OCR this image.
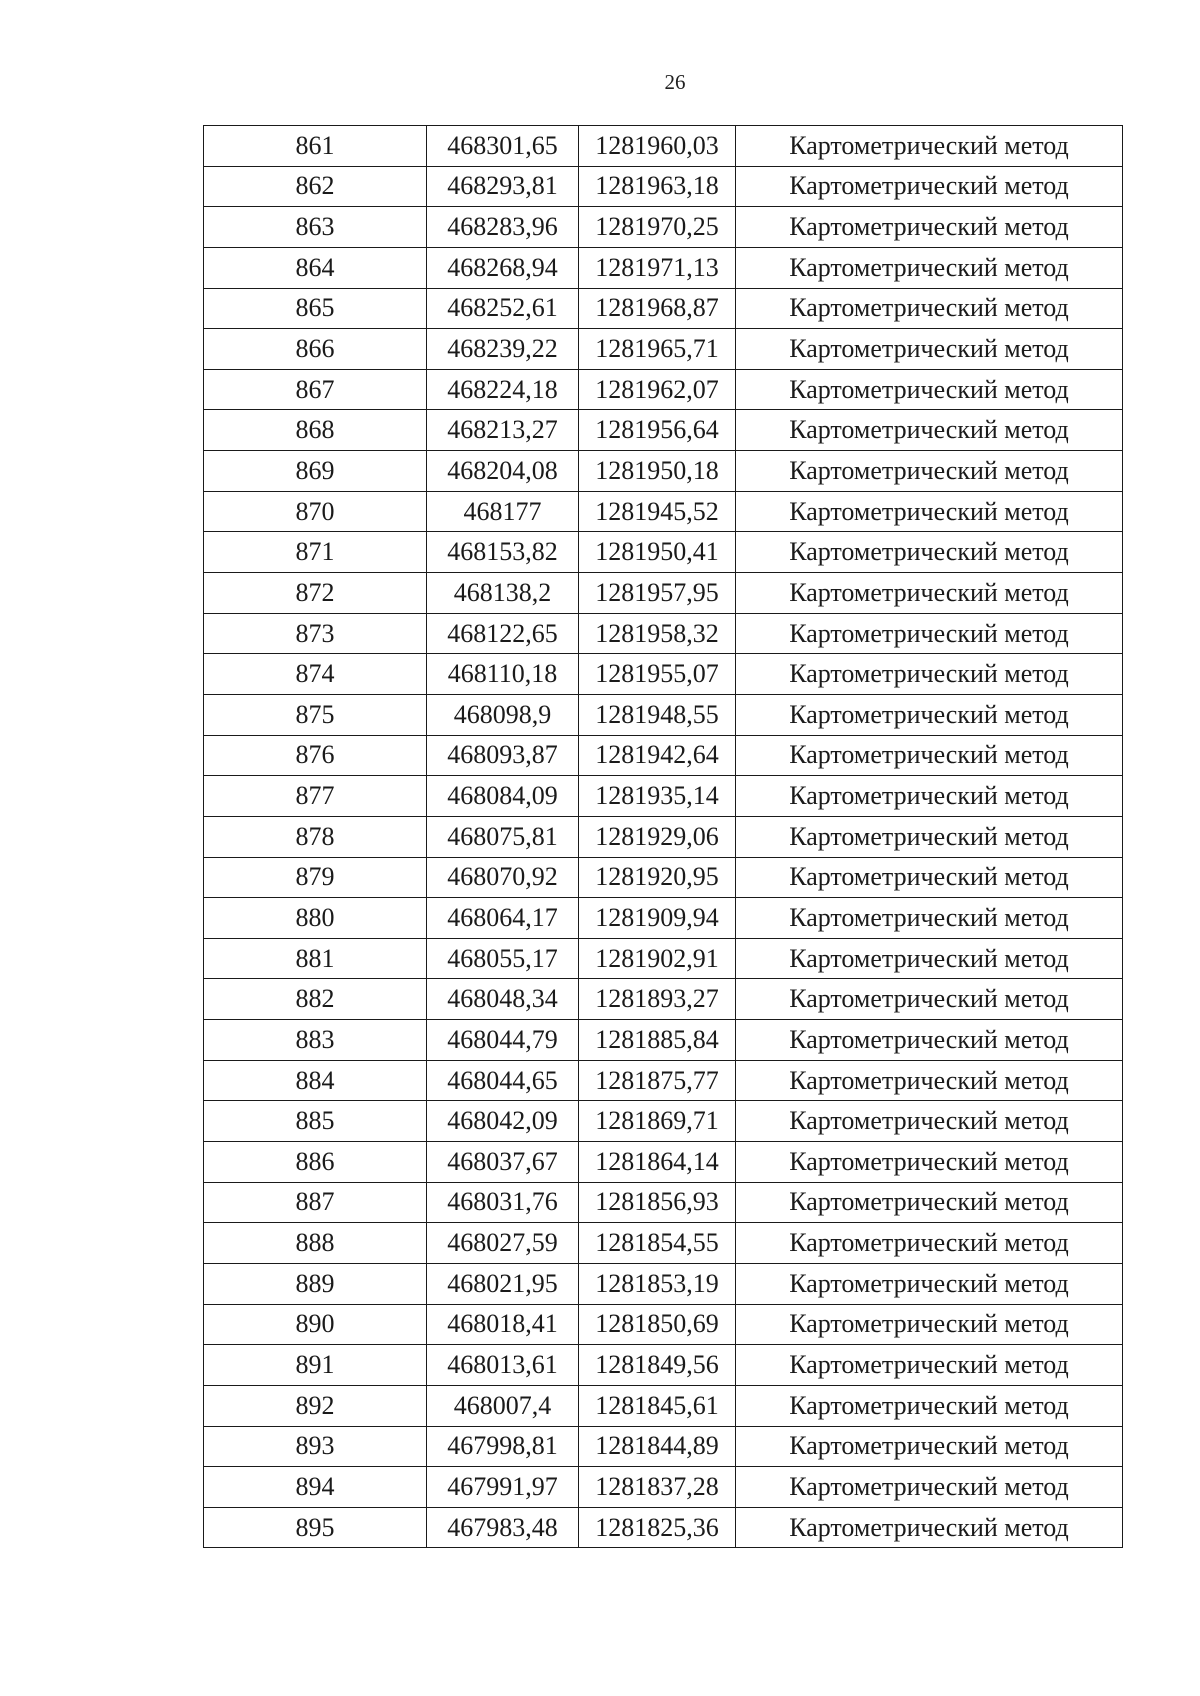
26
861	468301,65	1281960,03	Картометрический метод
862	468293,81	1281963,18	Картометрический метод
863	468283,96	1281970,25	Картометрический метод
864	468268,94	1281971,13	Картометрический метод
865	468252,61	1281968,87	Картометрический метод
866	468239,22	1281965,71	Картометрический метод
867	468224,18	1281962,07	Картометрический метод
868	468213,27	1281956,64	Картометрический метод
869	468204,08	1281950,18	Картометрический метод
870	468177	1281945,52	Картометрический метод
871	468153,82	1281950,41	Картометрический метод
872	468138,2	1281957,95	Картометрический метод
873	468122,65	1281958,32	Картометрический метод
874	468110,18	1281955,07	Картометрический метод
875	468098,9	1281948,55	Картометрический метод
876	468093,87	1281942,64	Картометрический метод
877	468084,09	1281935,14	Картометрический метод
878	468075,81	1281929,06	Картометрический метод
879	468070,92	1281920,95	Картометрический метод
880	468064,17	1281909,94	Картометрический метод
881	468055,17	1281902,91	Картометрический метод
882	468048,34	1281893,27	Картометрический метод
883	468044,79	1281885,84	Картометрический метод
884	468044,65	1281875,77	Картометрический метод
885	468042,09	1281869,71	Картометрический метод
886	468037,67	1281864,14	Картометрический метод
887	468031,76	1281856,93	Картометрический метод
888	468027,59	1281854,55	Картометрический метод
889	468021,95	1281853,19	Картометрический метод
890	468018,41	1281850,69	Картометрический метод
891	468013,61	1281849,56	Картометрический метод
892	468007,4	1281845,61	Картометрический метод
893	467998,81	1281844,89	Картометрический метод
894	467991,97	1281837,28	Картометрический метод
895	467983,48	1281825,36	Картометрический метод
